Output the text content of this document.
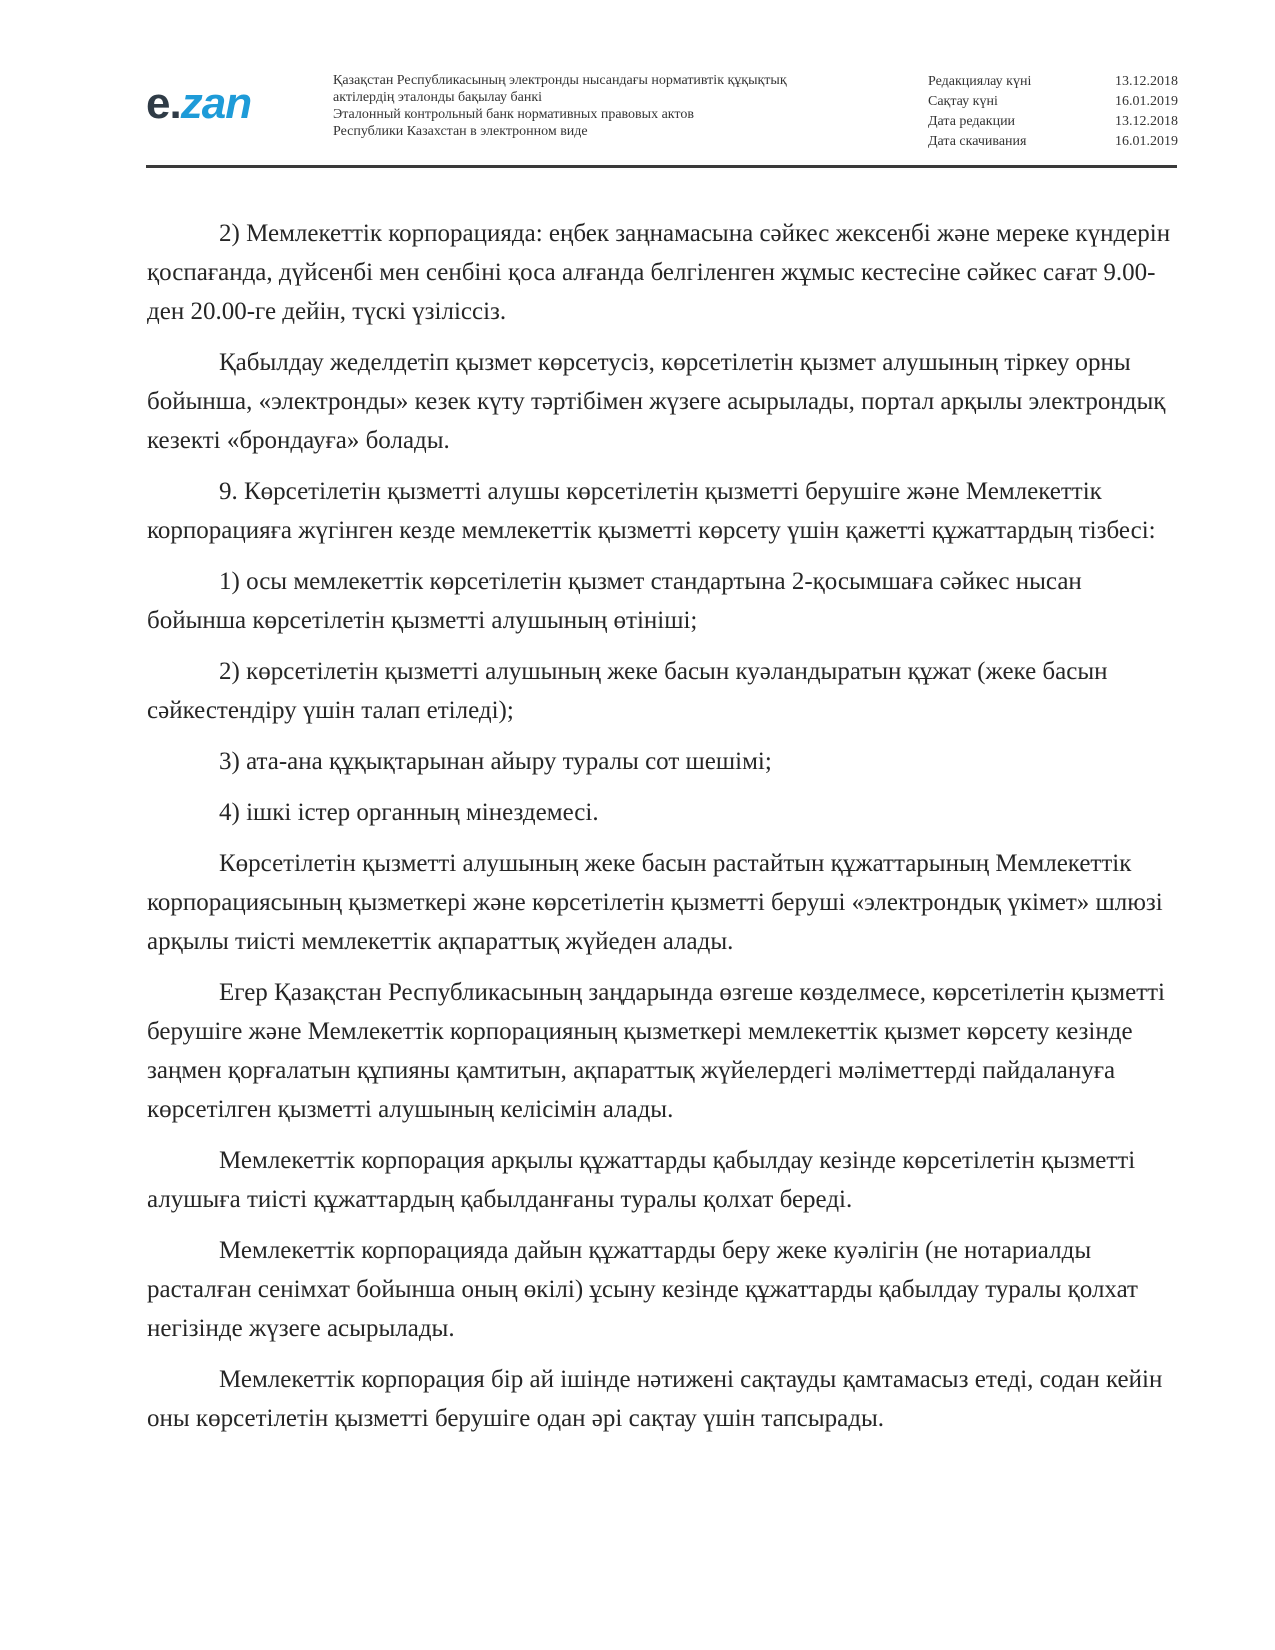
e.zan	Қазақстан Республикасының электронды нысандағы нормативтік құқықтық
актілердің эталонды бақылау банкі
Эталонный контрольный банк нормативных правовых актов
Республики Казахстан в электронном виде
Редакциялау күні	13.12.2018
Сақтау күні	16.01.2019
Дата редакции	13.12.2018
Дата скачивания	16.01.2019

2) Мемлекеттік корпорацияда: еңбек заңнамасына сәйкес жексенбі және мереке күндерін қоспағанда, дүйсенбі мен сенбіні қоса алғанда белгіленген жұмыс кестесіне сәйкес сағат 9.00-ден 20.00-ге дейін, түскі үзіліссіз.

Қабылдау жеделдетіп қызмет көрсетусіз, көрсетілетін қызмет алушының тіркеу орны бойынша, «электронды» кезек күту тәртібімен жүзеге асырылады, портал арқылы электрондық кезекті «брондауға» болады.

9. Көрсетілетін қызметті алушы көрсетілетін қызметті берушіге және Мемлекеттік корпорацияға жүгінген кезде мемлекеттік қызметті көрсету үшін қажетті құжаттардың тізбесі:

1) осы мемлекеттік көрсетілетін қызмет стандартына 2-қосымшаға сәйкес нысан бойынша көрсетілетін қызметті алушының өтініші;

2) көрсетілетін қызметті алушының жеке басын куәландыратын құжат (жеке басын сәйкестендіру үшін талап етіледі);

3) ата-ана құқықтарынан айыру туралы сот шешімі;

4) ішкі істер органның мінездемесі.

Көрсетілетін қызметті алушының жеке басын растайтын құжаттарының Мемлекеттік корпорациясының қызметкері және көрсетілетін қызметті беруші «электрондық үкімет» шлюзі арқылы тиісті мемлекеттік ақпараттық жүйеден алады.

Егер Қазақстан Республикасының заңдарында өзгеше көзделмесе, көрсетілетін қызметті берушіге және Мемлекеттік корпорацияның қызметкері мемлекеттік қызмет көрсету кезінде заңмен қорғалатын құпияны қамтитын, ақпараттық жүйелердегі мәліметтерді пайдалануға көрсетілген қызметті алушының келісімін алады.

Мемлекеттік корпорация арқылы құжаттарды қабылдау кезінде көрсетілетін қызметті алушыға тиісті құжаттардың қабылданғаны туралы қолхат береді.

Мемлекеттік корпорацияда дайын құжаттарды беру жеке куәлігін (не нотариалды расталған сенімхат бойынша оның өкілі) ұсыну кезінде құжаттарды қабылдау туралы қолхат негізінде жүзеге асырылады.

Мемлекеттік корпорация бір ай ішінде нәтижені сақтауды қамтамасыз етеді, содан кейін оны көрсетілетін қызметті берушіге одан әрі сақтау үшін тапсырады.
